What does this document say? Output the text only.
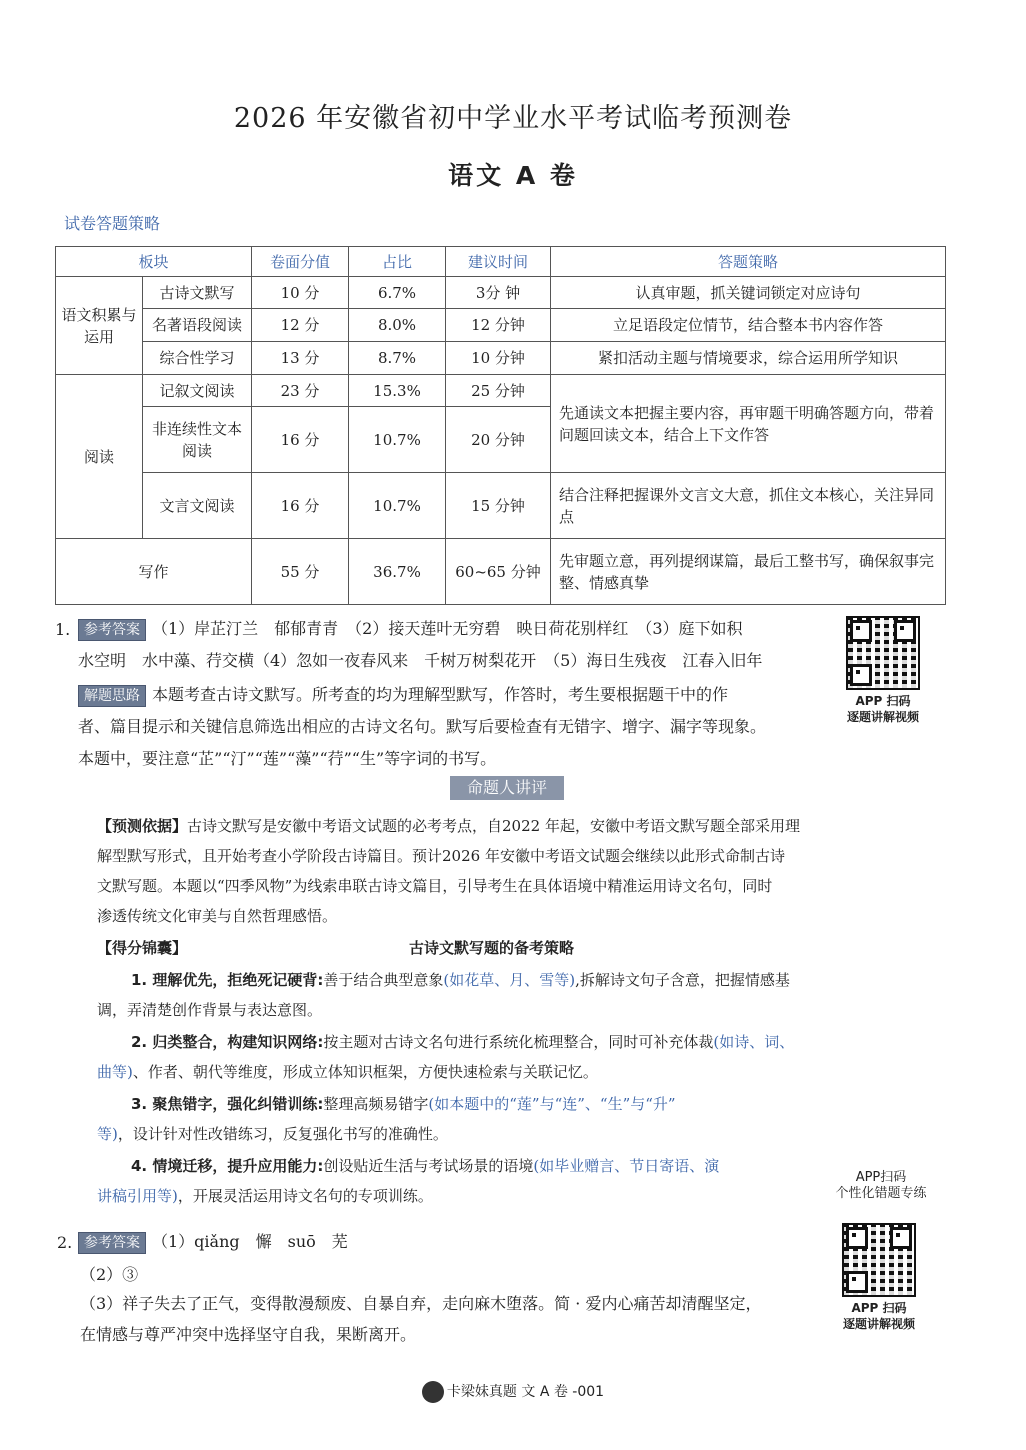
2026 年安徽省初中学业水平考试临考预测卷
语文 A 卷
试卷答题策略
板块		卷面分值	占比	建议时间	答题策略
语文积累与运用	古诗文默写	10 分	6.7%	3分 钟	认真审题，抓关键词锁定对应诗句
	名著语段阅读	12 分	8.0%	12 分钟	立足语段定位情节，结合整本书内容作答
	综合性学习	13 分	8.7%	10 分钟	紧扣活动主题与情境要求，综合运用所学知识
阅读	记叙文阅读	23 分	15.3%	25 分钟	先通读文本把握主要内容，再审题干明确答题方向，带着问题回读文本，结合上下文作答
	非连续性文本阅读	16 分	10.7%	20 分钟	
	文言文阅读	16 分	10.7%	15 分钟	结合注释把握课外文言文大意，抓住文本核心，关注异同点
写作		55 分	36.7%	60~65 分钟	先审题立意，再列提纲谋篇，最后工整书写，确保叙事完整、情感真挚
1. 参考答案 （1）岸芷汀兰　郁郁青青　（2）接天莲叶无穷碧　映日荷花别样红　（3）庭下如积
水空明　水中藻、荇交横（4）忽如一夜春风来　千树万树梨花开　（5）海日生残夜　江春入旧年
解题思路 本题考查古诗文默写。所考查的均为理解型默写，作答时，考生要根据题干中的作
者、篇目提示和关键信息筛选出相应的古诗文名句。默写后要检查有无错字、增字、漏字等现象。
本题中，要注意“芷”“汀”“莲”“藻”“荇”“生”等字词的书写。
APP 扫码
逐题讲解视频
命题人讲评
【预测依据】古诗文默写是安徽中考语文试题的必考考点，自2022 年起，安徽中考语文默写题全部采用理
解型默写形式，且开始考查小学阶段古诗篇目。预计2026 年安徽中考语文试题会继续以此形式命制古诗
文默写题。本题以“四季风物”为线索串联古诗文篇目，引导考生在具体语境中精准运用诗文名句，同时
渗透传统文化审美与自然哲理感悟。
【得分锦囊】	古诗文默写题的备考策略
1. 理解优先，拒绝死记硬背:善于结合典型意象(如花草、月、雪等),拆解诗文句子含意，把握情感基
调，弄清楚创作背景与表达意图。
2. 归类整合，构建知识网络:按主题对古诗文名句进行系统化梳理整合，同时可补充体裁(如诗、词、
曲等)、作者、朝代等维度，形成立体知识框架，方便快速检索与关联记忆。
3. 聚焦错字，强化纠错训练:整理高频易错字(如本题中的“莲”与“连”、“生”与“升”
等)，设计针对性改错练习，反复强化书写的准确性。
4. 情境迁移，提升应用能力:创设贴近生活与考试场景的语境(如毕业赠言、节日寄语、演
讲稿引用等)，开展灵活运用诗文名句的专项训练。
APP扫码
个性化错题专练
2. 参考答案 （1）qiǎng　懈　suō　芜
（2）③
（3）祥子失去了正气，变得散漫颓废、自暴自弃，走向麻木堕落。简 · 爱内心痛苦却清醒坚定，
在情感与尊严冲突中选择坚守自我，果断离开。
APP 扫码
逐题讲解视频
卡梁妹真题 文 A 卷 -001
